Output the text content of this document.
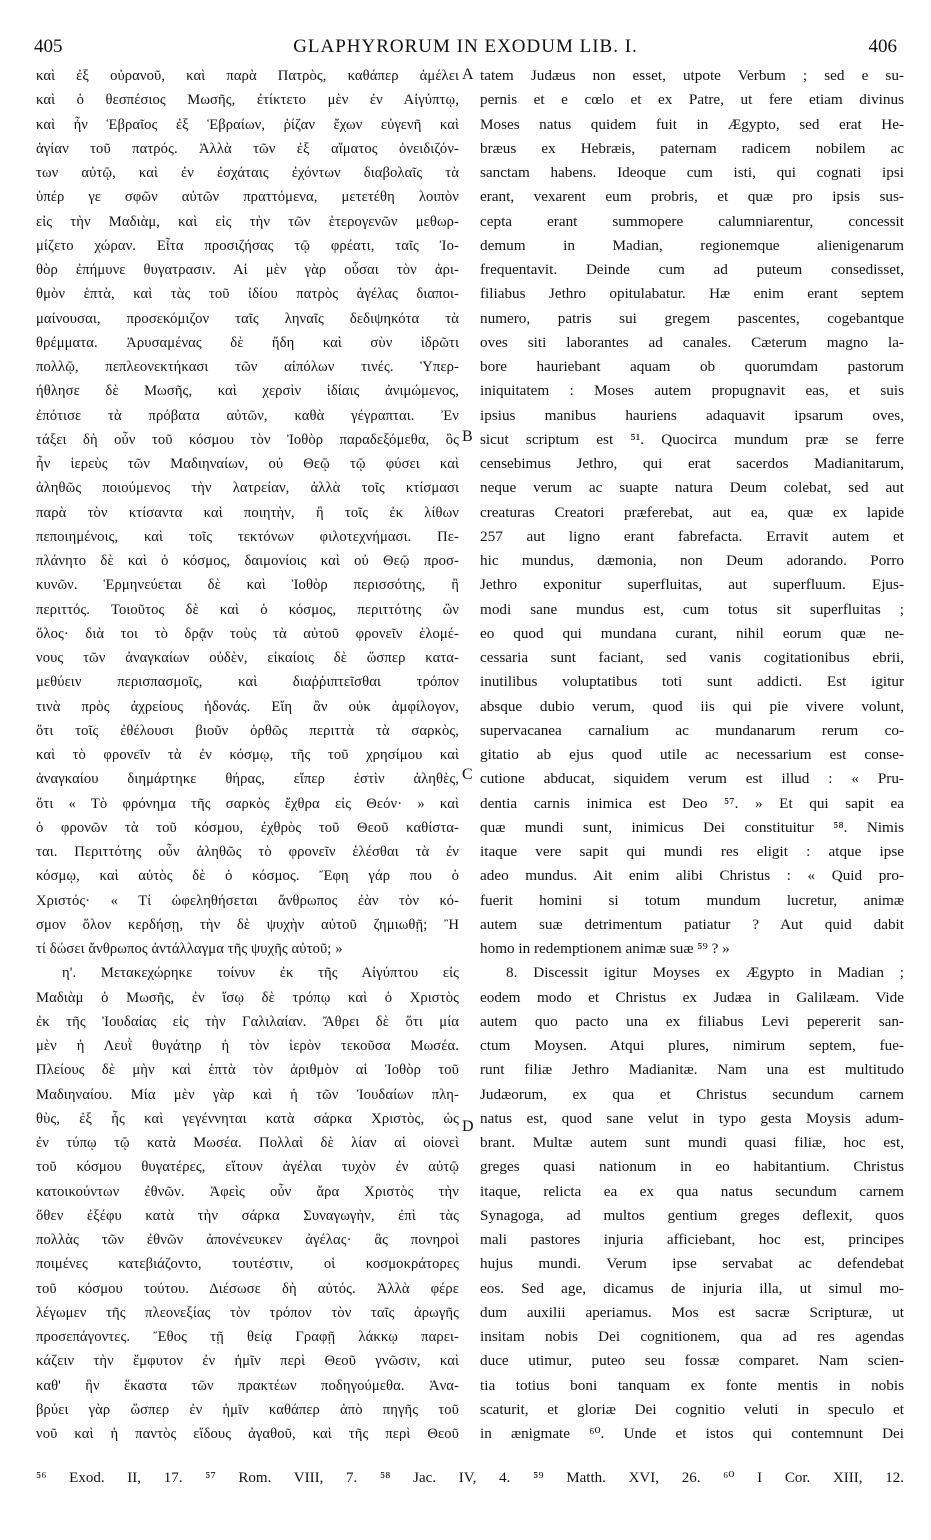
405	GLAPHYRORUM IN EXODUM LIB. I.	406
καὶ ἐξ οὐρανοῦ, καὶ παρὰ Πατρὸς, καθάπερ ἀμέλει
καὶ ὁ θεσπέσιος Μωσῆς, ἐτίκτετο μὲν ἐν Αἰγύπτῳ,
καὶ ἦν Ἑβραῖος ἐξ Ἑβραίων, ῥίζαν ἔχων εὐγενῆ καὶ
ἁγίαν τοῦ πατρός. Ἀλλὰ τῶν ἐξ αἵματος ὀνειδιζόν-
των αὐτῷ, καὶ ἐν ἐσχάταις ἐχόντων διαβολαῖς τὰ
ὑπέρ γε σφῶν αὐτῶν πραττόμενα, μετετέθη λοιπὸν
εἰς τὴν Μαδιὰμ, καὶ εἰς τὴν τῶν ἑτερογενῶν μεθωρ-
μίζετο χώραν. Εἶτα προσιζήσας τῷ φρέατι, ταῖς Ἰο-
θὸρ ἐπήμυνε θυγατρασιν. Αἱ μὲν γὰρ οὖσαι τὸν ἀρι-
θμὸν ἑπτὰ, καὶ τὰς τοῦ ἰδίου πατρὸς ἀγέλας διαποι-
μαίνουσαι, προσεκόμιζον ταῖς ληναῖς δεδιψηκότα τὰ
θρέμματα. Ἀρυσαμένας δὲ ἤδη καὶ σὺν ἱδρῶτι
πολλῷ, πεπλεονεκτήκασι τῶν αἰπόλων τινές. Ὑπερ-
ήθλησε δὲ Μωσῆς, καὶ χερσὶν ἰδίαις ἀνιμώμενος,
ἐπότισε τὰ πρόβατα αὐτῶν, καθὰ γέγραπται. Ἐν
τάξει δὴ οὖν τοῦ κόσμου τὸν Ἰοθὸρ παραδεξόμεθα, ὃς
ἦν ἱερεὺς τῶν Μαδιηναίων, οὐ Θεῷ τῷ φύσει καὶ
ἀληθῶς ποιούμενος τὴν λατρείαν, ἀλλὰ τοῖς κτίσμασι
παρὰ τὸν κτίσαντα καὶ ποιητὴν, ἢ τοῖς ἐκ λίθων
πεποιημένοις, καὶ τοῖς τεκτόνων φιλοτεχνήμασι. Πε-
πλάνητο δὲ καὶ ὁ κόσμος, δαιμονίοις καὶ οὐ Θεῷ προσ-
κυνῶν. Ἑρμηνεύεται δὲ καὶ Ἰοθὸρ περισσότης, ἢ
περιττός. Τοιοῦτος δὲ καὶ ὁ κόσμος, περιττότης ὢν
ὅλος· διὰ τοι τὸ δρᾷν τοὺς τὰ αὐτοῦ φρονεῖν ἑλομέ-
νους τῶν ἀναγκαίων οὐδὲν, εἰκαίοις δὲ ὥσπερ κατα-
μεθύειν περισπασμοῖς, καὶ διαῤῥιπτεῖσθαι τρόπον
τινὰ πρὸς ἀχρείους ἡδονάς. Εἴη ἂν οὐκ ἀμφίλογον,
ὅτι τοῖς ἐθέλουσι βιοῦν ὀρθῶς περιττὰ τὰ σαρκὸς,
καὶ τὸ φρονεῖν τὰ ἐν κόσμῳ, τῆς τοῦ χρησίμου καὶ
ἀναγκαίου διημάρτηκε θήρας, εἴπερ ἐστὶν ἀληθὲς,
ὅτι « Τὸ φρόνημα τῆς σαρκὸς ἔχθρα εἰς Θεόν· » καὶ
ὁ φρονῶν τὰ τοῦ κόσμου, ἐχθρὸς τοῦ Θεοῦ καθίστα-
ται. Περιττότης οὖν ἀληθῶς τὸ φρονεῖν ἑλέσθαι τὰ ἐν
κόσμῳ, καὶ αὐτὸς δὲ ὁ κόσμος. Ἔφη γάρ που ὁ
Χριστός· « Τί ὠφεληθήσεται ἄνθρωπος ἐὰν τὸν κό-
σμον ὅλον κερδήσῃ, τὴν δὲ ψυχὴν αὐτοῦ ζημιωθῇ; Ἢ
τί δώσει ἄνθρωπος ἀντάλλαγμα τῆς ψυχῆς αὐτοῦ; »
η'. Μετακεχώρηκε τοίνυν ἐκ τῆς Αἰγύπτου εἰς
Μαδιὰμ ὁ Μωσῆς, ἐν ἴσῳ δὲ τρόπῳ καὶ ὁ Χριστὸς
ἐκ τῆς Ἰουδαίας εἰς τὴν Γαλιλαίαν. Ἄθρει δὲ ὅτι μία
μὲν ἡ Λευῒ θυγάτηρ ἡ τὸν ἱερὸν τεκοῦσα Μωσέα.
Πλείους δὲ μὴν καὶ ἑπτὰ τὸν ἀριθμὸν αἱ Ἰοθὸρ τοῦ
Μαδιηναίου. Μία μὲν γὰρ καὶ ἡ τῶν Ἰουδαίων πλη-
θὺς, ἐξ ἧς καὶ γεγέννηται κατὰ σάρκα Χριστὸς, ὡς
ἐν τύπῳ τῷ κατὰ Μωσέα. Πολλαὶ δὲ λίαν αἱ οἱονεὶ
τοῦ κόσμου θυγατέρες, εἴτουν ἀγέλαι τυχὸν ἐν αὐτῷ
κατοικούντων ἐθνῶν. Ἀφεὶς οὖν ἄρα Χριστὸς τὴν
ὅθεν ἐξέφυ κατὰ τὴν σάρκα Συναγωγὴν, ἐπὶ τὰς
πολλὰς τῶν ἐθνῶν ἀπονένευκεν ἀγέλας· ἃς πονηροὶ
ποιμένες κατεβιάζοντο, τουτέστιν, οἱ κοσμοκράτορες
τοῦ κόσμου τούτου. Διέσωσε δὴ αὐτός. Ἀλλὰ φέρε
λέγωμεν τῆς πλεονεξίας τὸν τρόπον τὸν ταῖς ἀρωγῆς
προσεπάγοντες. Ἔθος τῇ θείᾳ Γραφῇ λάκκῳ παρει-
κάζειν τὴν ἔμφυτον ἐν ἡμῖν περὶ Θεοῦ γνῶσιν, καὶ
καθ' ἣν ἕκαστα τῶν πρακτέων ποδηγούμεθα. Ἀνα-
βρύει γὰρ ὥσπερ ἐν ἡμῖν καθάπερ ἀπὸ πηγῆς τοῦ
νοῦ καὶ ἡ παντὸς εἴδους ἀγαθοῦ, καὶ τῆς περὶ Θεοῦ
tatem Judæus non esset, utpote Verbum ; sed e su-
pernis et e cœlo et ex Patre, ut fere etiam divinus
Moses natus quidem fuit in Ægypto, sed erat He-
bræus ex Hebræis, paternam radicem nobilem ac
sanctam habens. Ideoque cum isti, qui cognati ipsi
erant, vexarent eum probris, et quæ pro ipsis sus-
cepta erant summopere calumniarentur, concessit
demum in Madian, regionemque alienigenarum
frequentavit. Deinde cum ad puteum consedisset,
filiabus Jethro opitulabatur. Hæ enim erant septem
numero, patris sui gregem pascentes, cogebantque
oves siti laborantes ad canales. Cæterum magno la-
bore hauriebant aquam ob quorumdam pastorum
iniquitatem : Moses autem propugnavit eas, et suis
ipsius manibus hauriens adaquavit ipsarum oves,
sicut scriptum est ⁵¹. Quocirca mundum præ se ferre
censebimus Jethro, qui erat sacerdos Madianitarum,
neque verum ac suapte natura Deum colebat, sed aut
creaturas Creatori præferebat, aut ea, quæ ex lapide
257 aut ligno erant fabrefacta. Erravit autem et
hic mundus, dæmonia, non Deum adorando. Porro
Jethro exponitur superfluitas, aut superfluum. Ejus-
modi sane mundus est, cum totus sit superfluitas ;
eo quod qui mundana curant, nihil eorum quæ ne-
cessaria sunt faciant, sed vanis cogitationibus ebrii,
inutilibus voluptatibus toti sunt addicti. Est igitur
absque dubio verum, quod iis qui pie vivere volunt,
supervacanea carnalium ac mundanarum rerum co-
gitatio ab ejus quod utile ac necessarium est conse-
cutione abducat, siquidem verum est illud : « Pru-
dentia carnis inimica est Deo ⁵⁷. » Et qui sapit ea
quæ mundi sunt, inimicus Dei constituitur ⁵⁸. Nimis
itaque vere sapit qui mundi res eligit : atque ipse
adeo mundus. Ait enim alibi Christus : « Quid pro-
fuerit homini si totum mundum lucretur, animæ
autem suæ detrimentum patiatur ? Aut quid dabit
homo in redemptionem animæ suæ ⁵⁹ ? »
8. Discessit igitur Moyses ex Ægypto in Madian ;
eodem modo et Christus ex Judæa in Galilæam. Vide
autem quo pacto una ex filiabus Levi pepererit san-
ctum Moysen. Atqui plures, nimirum septem, fue-
runt filiæ Jethro Madianitæ. Nam una est multitudo
Judæorum, ex qua et Christus secundum carnem
natus est, quod sane velut in typo gesta Moysis adum-
brant. Multæ autem sunt mundi quasi filiæ, hoc est,
greges quasi nationum in eo habitantium. Christus
itaque, relicta ea ex qua natus secundum carnem
Synagoga, ad multos gentium greges deflexit, quos
mali pastores injuria afficiebant, hoc est, principes
hujus mundi. Verum ipse servabat ac defendebat
eos. Sed age, dicamus de injuria illa, ut simul mo-
dum auxilii aperiamus. Mos est sacræ Scripturæ, ut
insitam nobis Dei cognitionem, qua ad res agendas
duce utimur, puteo seu fossæ comparet. Nam scien-
tia totius boni tanquam ex fonte mentis in nobis
scaturit, et gloriæ Dei cognitio veluti in speculo et
in ænigmate ⁶⁰. Unde et istos qui contemnunt Dei
A
B
C
D
⁵⁶ Exod. II, 17. ⁵⁷ Rom. VIII, 7. ⁵⁸ Jac. IV, 4. ⁵⁹ Matth. XVI, 26. ⁶⁰ I Cor. XIII, 12.
